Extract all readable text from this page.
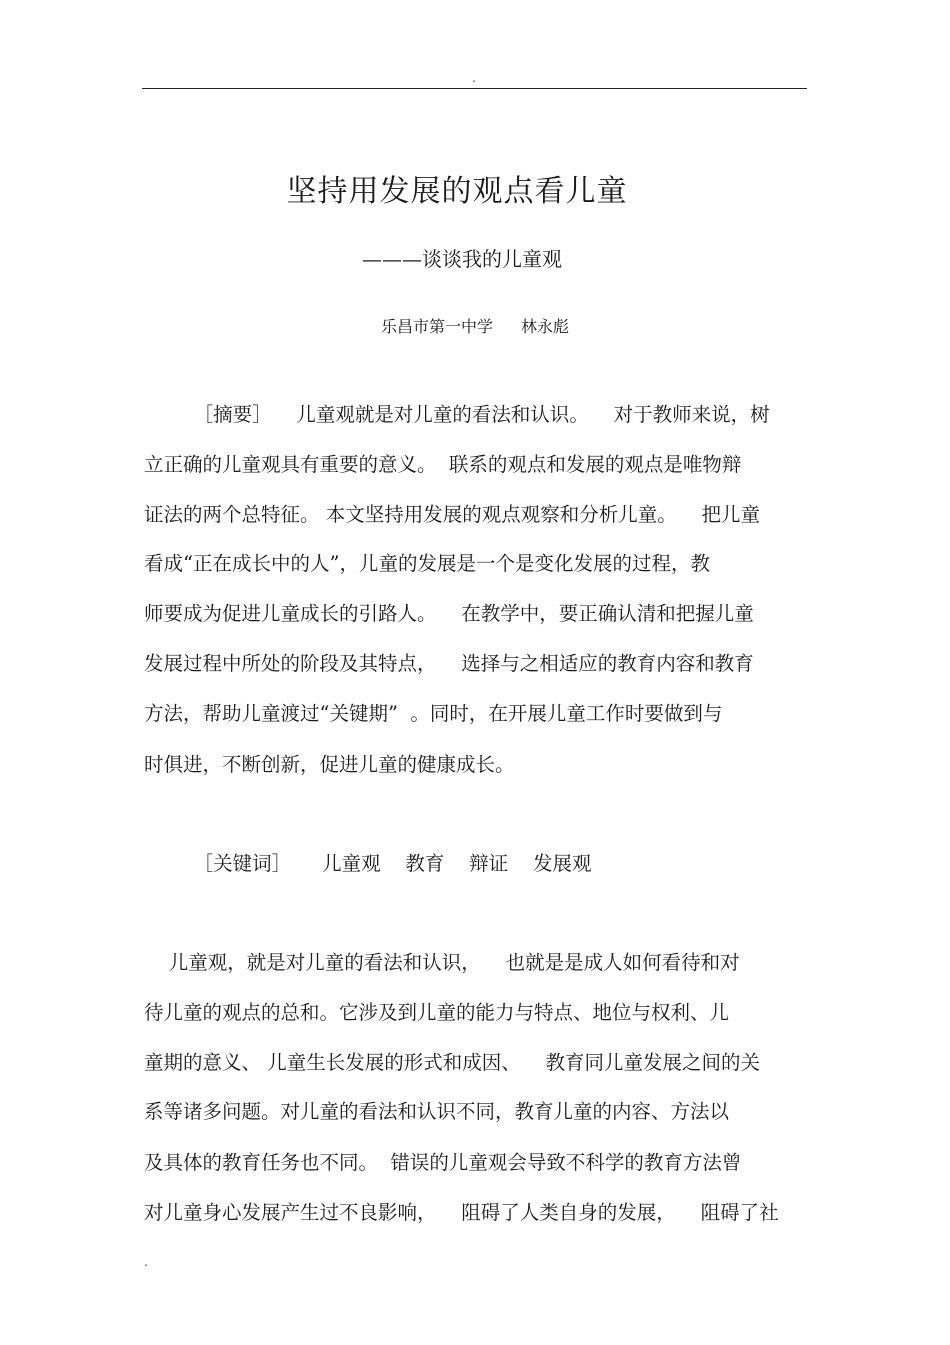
.
坚持用发展的观点看儿童
———谈谈我的儿童观
乐昌市第一中学 林永彪
［摘要］    儿童观就是对儿童的看法和认识。    对于教师来说，树
立正确的儿童观具有重要的意义。  联系的观点和发展的观点是唯物辩
证法的两个总特征。 本文坚持用发展的观点观察和分析儿童。    把儿童
看成“正在成长中的人”，儿童的发展是一个是变化发展的过程，教
师要成为促进儿童成长的引路人。    在教学中，要正确认清和把握儿童
发展过程中所处的阶段及其特点，    选择与之相适应的教育内容和教育
方法，帮助儿童渡过“关键期”  。同时，在开展儿童工作时要做到与
时俱进，不断创新，促进儿童的健康成长。
［关键词］     儿童观    教育    辩证    发展观
儿童观，就是对儿童的看法和认识，    也就是是成人如何看待和对
待儿童的观点的总和。它涉及到儿童的能力与特点、地位与权利、儿
童期的意义、 儿童生长发展的形式和成因、    教育同儿童发展之间的关
系等诸多问题。对儿童的看法和认识不同，教育儿童的内容、方法以
及具体的教育任务也不同。  错误的儿童观会导致不科学的教育方法曾
对儿童身心发展产生过不良影响，    阻碍了人类自身的发展，    阻碍了社
.
